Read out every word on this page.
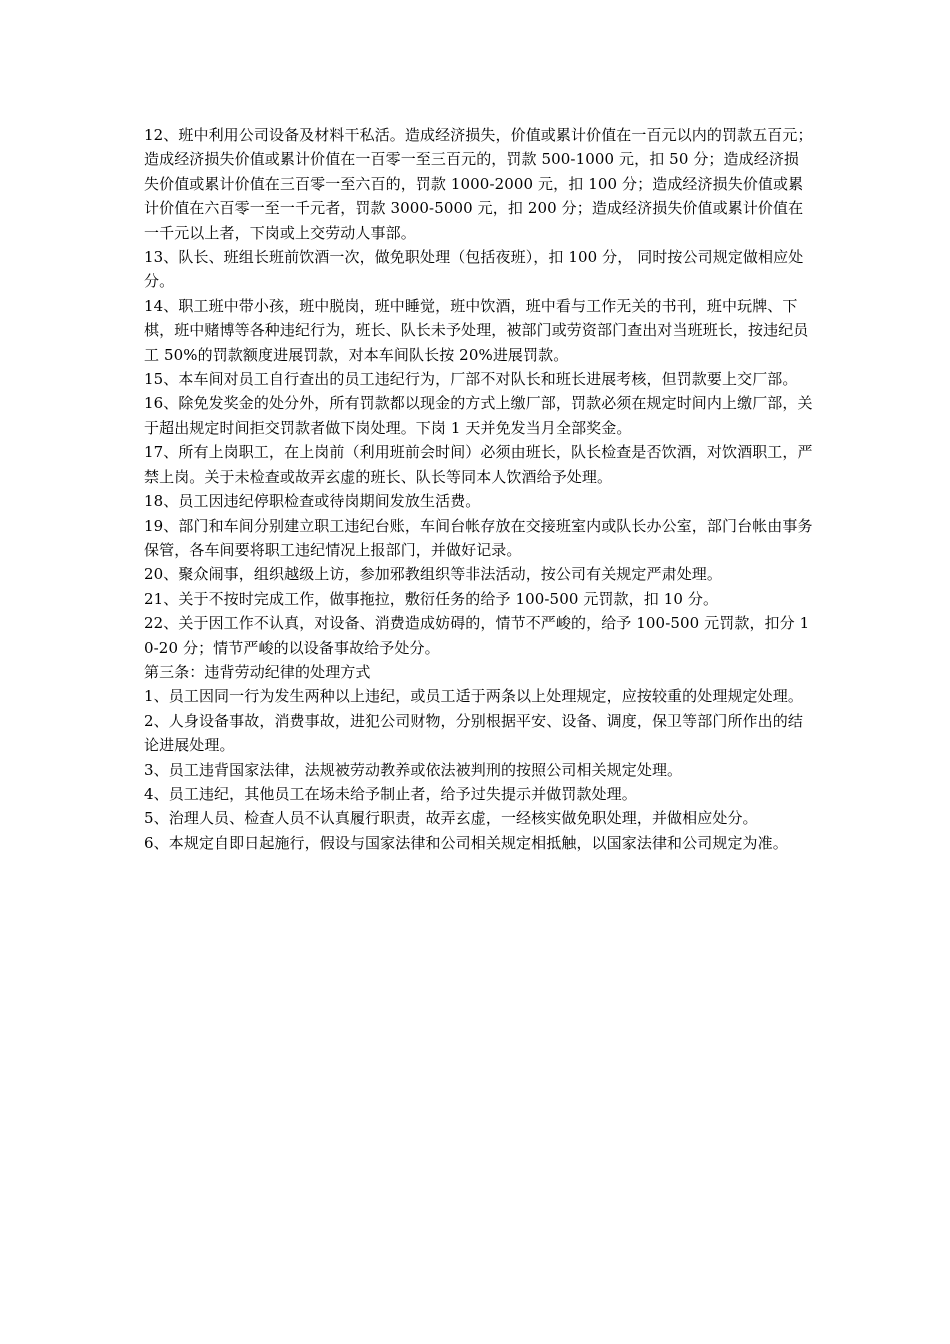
12、班中利用公司设备及材料干私活。造成经济损失，价值或累计价值在一百元以内的罚款五百元；造成经济损失价值或累计价值在一百零一至三百元的，罚款 500-1000 元，扣 50 分；造成经济损失价值或累计价值在三百零一至六百的，罚款 1000-2000 元，扣 100 分；造成经济损失价值或累计价值在六百零一至一千元者，罚款 3000-5000 元，扣 200 分；造成经济损失价值或累计价值在一千元以上者，下岗或上交劳动人事部。

13、队长、班组长班前饮酒一次，做免职处理（包括夜班），扣 100 分， 同时按公司规定做相应处分。

14、职工班中带小孩，班中脱岗，班中睡觉，班中饮酒，班中看与工作无关的书刊，班中玩牌、下棋，班中赌博等各种违纪行为，班长、队长未予处理，被部门或劳资部门查出对当班班长，按违纪员工 50%的罚款额度进展罚款，对本车间队长按 20%进展罚款。

15、本车间对员工自行查出的员工违纪行为，厂部不对队长和班长进展考核，但罚款要上交厂部。

16、除免发奖金的处分外，所有罚款都以现金的方式上缴厂部，罚款必须在规定时间内上缴厂部，关于超出规定时间拒交罚款者做下岗处理。下岗 1 天并免发当月全部奖金。

17、所有上岗职工，在上岗前（利用班前会时间）必须由班长，队长检查是否饮酒，对饮酒职工，严禁上岗。关于未检查或故弄玄虚的班长、队长等同本人饮酒给予处理。

18、员工因违纪停职检查或待岗期间发放生活费。

19、部门和车间分别建立职工违纪台账，车间台帐存放在交接班室内或队长办公室，部门台帐由事务保管，各车间要将职工违纪情况上报部门，并做好记录。

20、聚众闹事，组织越级上访，参加邪教组织等非法活动，按公司有关规定严肃处理。

21、关于不按时完成工作，做事拖拉，敷衍任务的给予 100-500 元罚款，扣 10 分。

22、关于因工作不认真，对设备、消费造成妨碍的，情节不严峻的，给予 100-500 元罚款，扣分 10-20 分；情节严峻的以设备事故给予处分。

第三条：违背劳动纪律的处理方式

1、员工因同一行为发生两种以上违纪，或员工适于两条以上处理规定，应按较重的处理规定处理。

2、人身设备事故，消费事故，进犯公司财物，分别根据平安、设备、调度，保卫等部门所作出的结论进展处理。

3、员工违背国家法律，法规被劳动教养或依法被判刑的按照公司相关规定处理。

4、员工违纪，其他员工在场未给予制止者，给予过失提示并做罚款处理。

5、治理人员、检查人员不认真履行职责，故弄玄虚，一经核实做免职处理，并做相应处分。

6、本规定自即日起施行，假设与国家法律和公司相关规定相抵触，以国家法律和公司规定为准。
